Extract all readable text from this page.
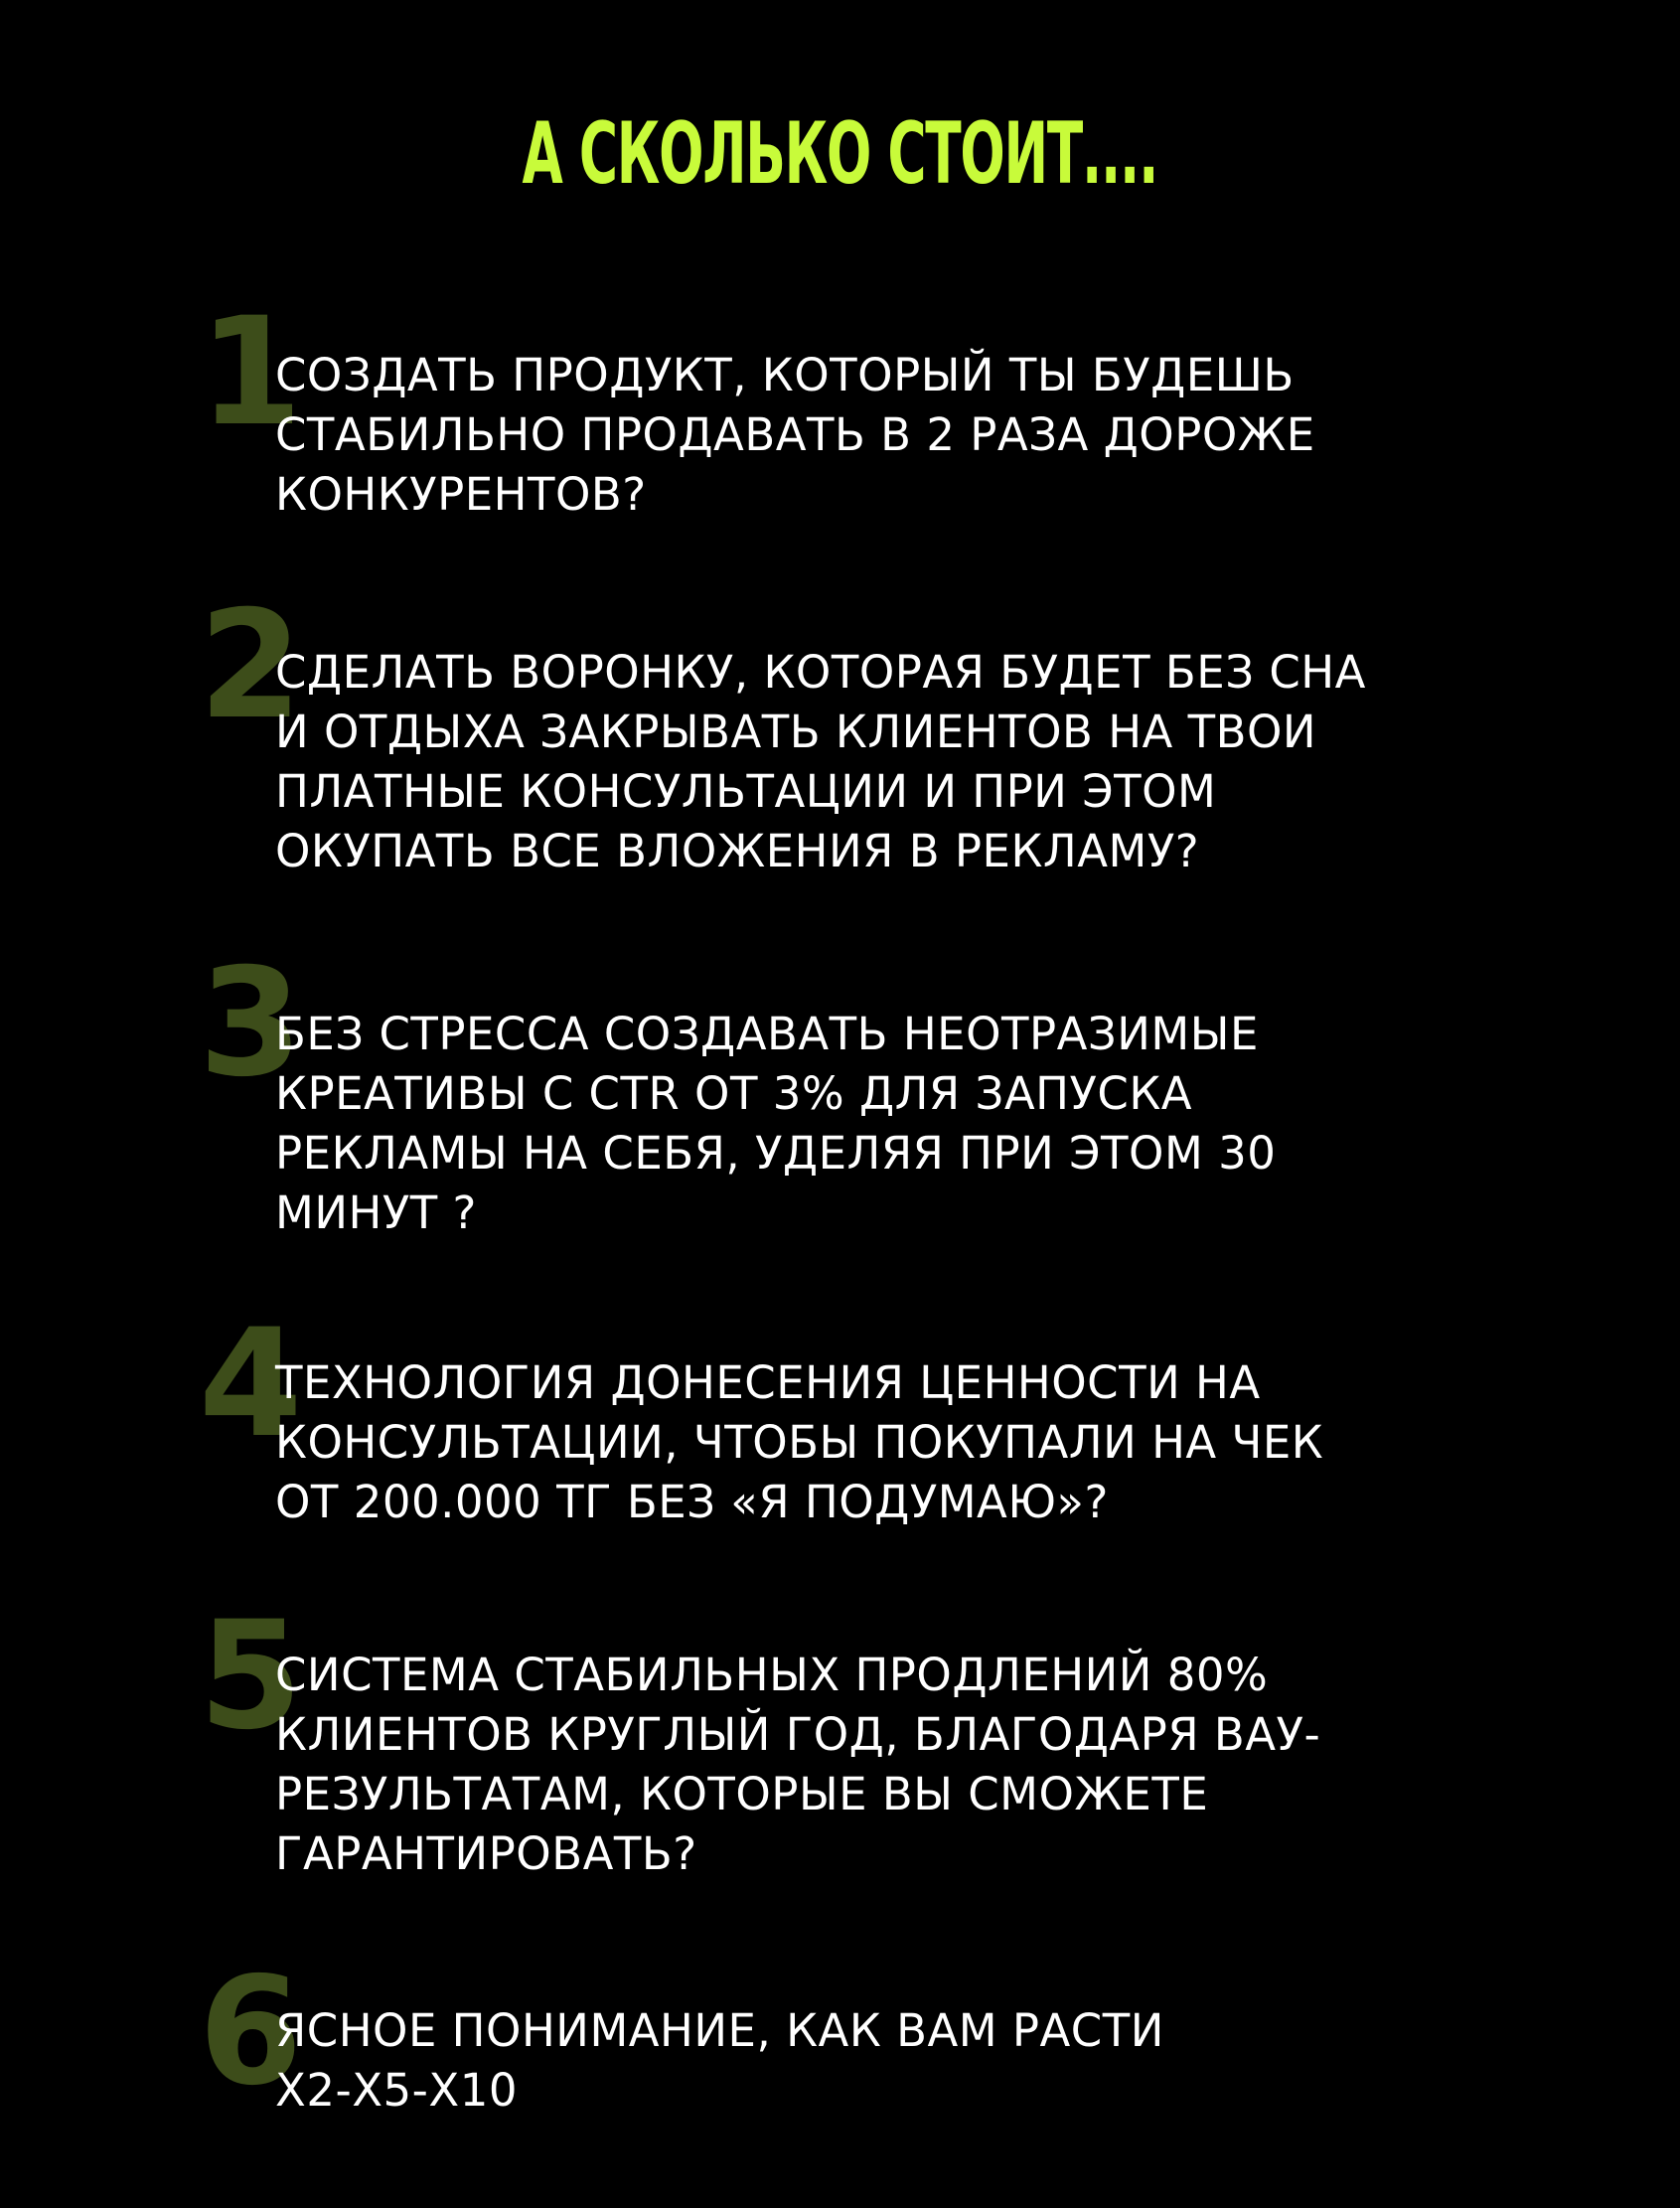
А СКОЛЬКО СТОИТ....
1
СОЗДАТЬ ПРОДУКТ, КОТОРЫЙ ТЫ БУДЕШЬ
СТАБИЛЬНО ПРОДАВАТЬ В 2 РАЗА ДОРОЖЕ
КОНКУРЕНТОВ?
2
СДЕЛАТЬ ВОРОНКУ, КОТОРАЯ БУДЕТ БЕЗ СНА
И ОТДЫХА ЗАКРЫВАТЬ КЛИЕНТОВ НА ТВОИ
ПЛАТНЫЕ КОНСУЛЬТАЦИИ И ПРИ ЭТОМ
ОКУПАТЬ ВСЕ ВЛОЖЕНИЯ В РЕКЛАМУ?
3
БЕЗ СТРЕССА СОЗДАВАТЬ НЕОТРАЗИМЫЕ
КРЕАТИВЫ С CTR ОТ 3% ДЛЯ ЗАПУСКА
РЕКЛАМЫ НА СЕБЯ, УДЕЛЯЯ ПРИ ЭТОМ 30
МИНУТ ?
4
ТЕХНОЛОГИЯ ДОНЕСЕНИЯ ЦЕННОСТИ НА
КОНСУЛЬТАЦИИ, ЧТОБЫ ПОКУПАЛИ НА ЧЕК
ОТ 200.000 ТГ БЕЗ «Я ПОДУМАЮ»?
5
СИСТЕМА СТАБИЛЬНЫХ ПРОДЛЕНИЙ 80%
КЛИЕНТОВ КРУГЛЫЙ ГОД, БЛАГОДАРЯ ВАУ-
РЕЗУЛЬТАТАМ, КОТОРЫЕ ВЫ СМОЖЕТЕ
ГАРАНТИРОВАТЬ?
6
ЯСНОЕ ПОНИМАНИЕ, КАК ВАМ РАСТИ
Х2-Х5-Х10
